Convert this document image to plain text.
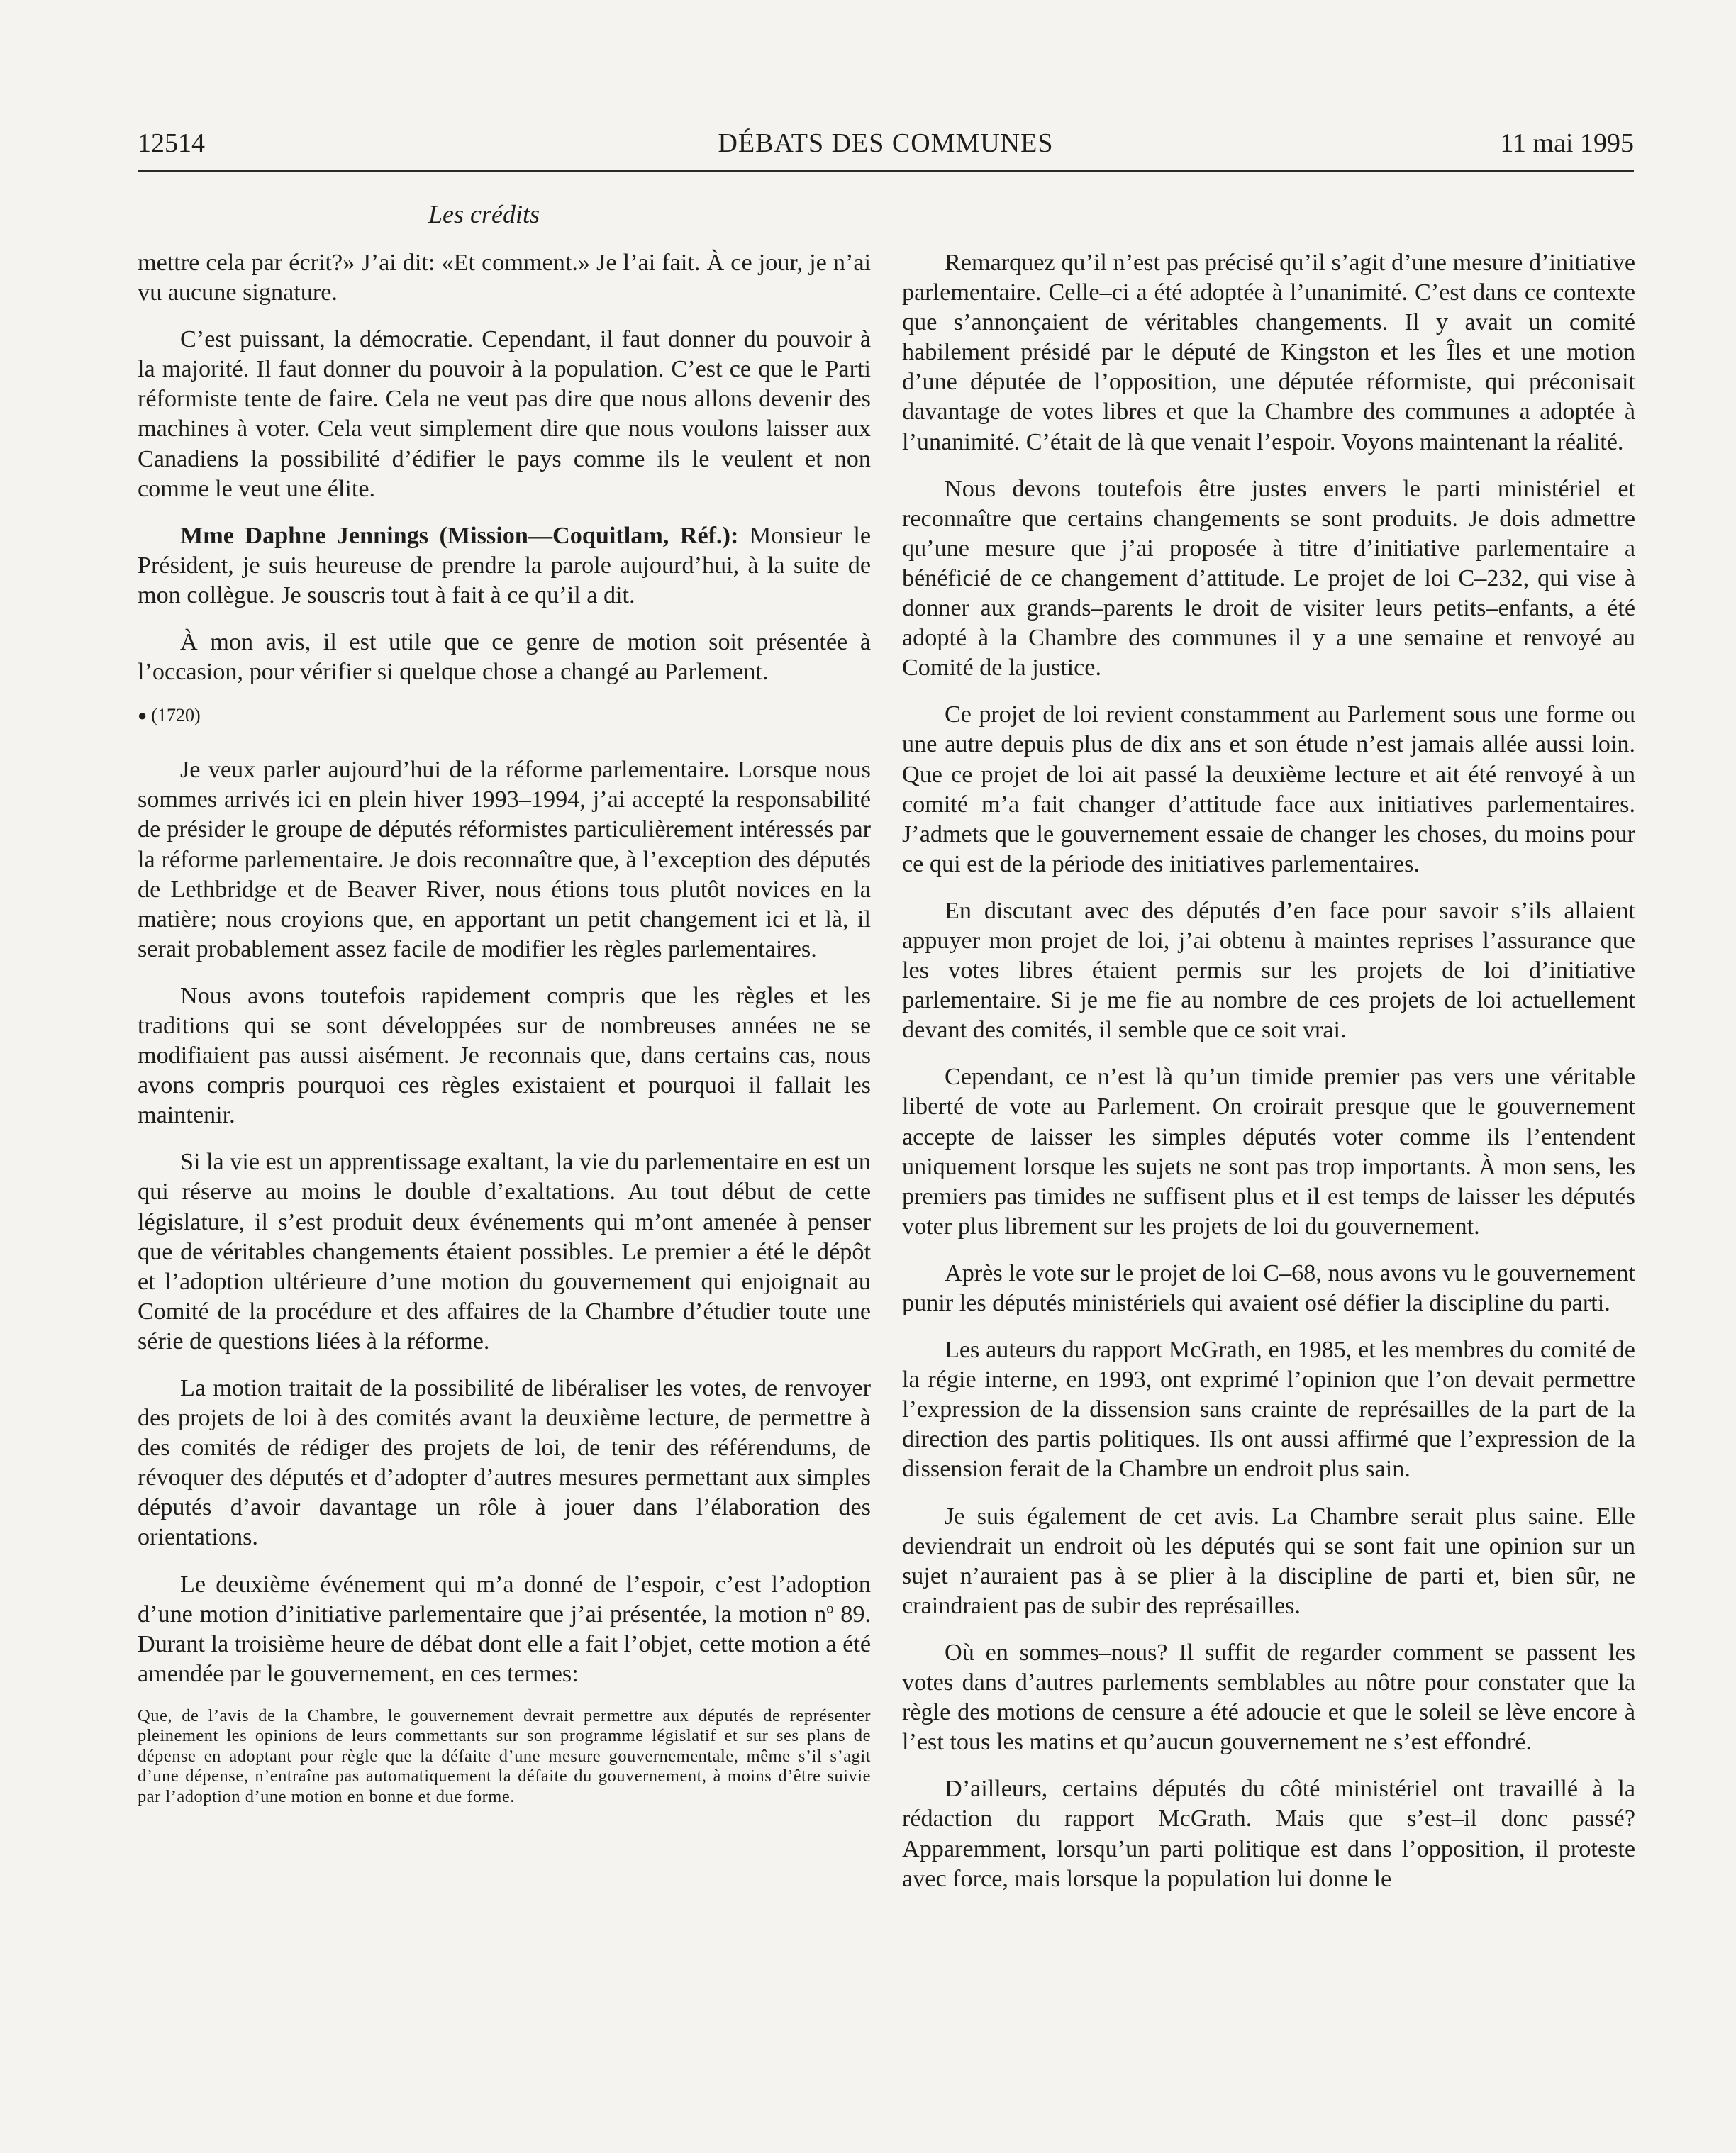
12514	DÉBATS DES COMMUNES	11 mai 1995
Les crédits

mettre cela par écrit?» J’ai dit: «Et comment.» Je l’ai fait. À ce jour, je n’ai vu aucune signature.

C’est puissant, la démocratie. Cependant, il faut donner du pouvoir à la majorité. Il faut donner du pouvoir à la population. C’est ce que le Parti réformiste tente de faire. Cela ne veut pas dire que nous allons devenir des machines à voter. Cela veut simplement dire que nous voulons laisser aux Canadiens la possibilité d’édifier le pays comme ils le veulent et non comme le veut une élite.

Mme Daphne Jennings (Mission—Coquitlam, Réf.): Monsieur le Président, je suis heureuse de prendre la parole aujourd’hui, à la suite de mon collègue. Je souscris tout à fait à ce qu’il a dit.

À mon avis, il est utile que ce genre de motion soit présentée à l’occasion, pour vérifier si quelque chose a changé au Parlement.

● (1720)

Je veux parler aujourd’hui de la réforme parlementaire. Lorsque nous sommes arrivés ici en plein hiver 1993–1994, j’ai accepté la responsabilité de présider le groupe de députés réformistes particulièrement intéressés par la réforme parlementaire. Je dois reconnaître que, à l’exception des députés de Lethbridge et de Beaver River, nous étions tous plutôt novices en la matière; nous croyions que, en apportant un petit changement ici et là, il serait probablement assez facile de modifier les règles parlementaires.

Nous avons toutefois rapidement compris que les règles et les traditions qui se sont développées sur de nombreuses années ne se modifiaient pas aussi aisément. Je reconnais que, dans certains cas, nous avons compris pourquoi ces règles existaient et pourquoi il fallait les maintenir.

Si la vie est un apprentissage exaltant, la vie du parlementaire en est un qui réserve au moins le double d’exaltations. Au tout début de cette législature, il s’est produit deux événements qui m’ont amenée à penser que de véritables changements étaient possibles. Le premier a été le dépôt et l’adoption ultérieure d’une motion du gouvernement qui enjoignait au Comité de la procédure et des affaires de la Chambre d’étudier toute une série de questions liées à la réforme.

La motion traitait de la possibilité de libéraliser les votes, de renvoyer des projets de loi à des comités avant la deuxième lecture, de permettre à des comités de rédiger des projets de loi, de tenir des référendums, de révoquer des députés et d’adopter d’autres mesures permettant aux simples députés d’avoir davantage un rôle à jouer dans l’élaboration des orientations.

Le deuxième événement qui m’a donné de l’espoir, c’est l’adoption d’une motion d’initiative parlementaire que j’ai présentée, la motion $n^o$ 89. Durant la troisième heure de débat dont elle a fait l’objet, cette motion a été amendée par le gouvernement, en ces termes:

Que, de l’avis de la Chambre, le gouvernement devrait permettre aux députés de représenter pleinement les opinions de leurs commettants sur son programme législatif et sur ses plans de dépense en adoptant pour règle que la défaite d’une mesure gouvernementale, même s’il s’agit d’une dépense, n’entraîne pas automatiquement la défaite du gouvernement, à moins d’être suivie par l’adoption d’une motion en bonne et due forme.

Remarquez qu’il n’est pas précisé qu’il s’agit d’une mesure d’initiative parlementaire. Celle–ci a été adoptée à l’unanimité. C’est dans ce contexte que s’annonçaient de véritables changements. Il y avait un comité habilement présidé par le député de Kingston et les Îles et une motion d’une députée de l’opposition, une députée réformiste, qui préconisait davantage de votes libres et que la Chambre des communes a adoptée à l’unanimité. C’était de là que venait l’espoir. Voyons maintenant la réalité.

Nous devons toutefois être justes envers le parti ministériel et reconnaître que certains changements se sont produits. Je dois admettre qu’une mesure que j’ai proposée à titre d’initiative parlementaire a bénéficié de ce changement d’attitude. Le projet de loi C–232, qui vise à donner aux grands–parents le droit de visiter leurs petits–enfants, a été adopté à la Chambre des communes il y a une semaine et renvoyé au Comité de la justice.

Ce projet de loi revient constamment au Parlement sous une forme ou une autre depuis plus de dix ans et son étude n’est jamais allée aussi loin. Que ce projet de loi ait passé la deuxième lecture et ait été renvoyé à un comité m’a fait changer d’attitude face aux initiatives parlementaires. J’admets que le gouvernement essaie de changer les choses, du moins pour ce qui est de la période des initiatives parlementaires.

En discutant avec des députés d’en face pour savoir s’ils allaient appuyer mon projet de loi, j’ai obtenu à maintes reprises l’assurance que les votes libres étaient permis sur les projets de loi d’initiative parlementaire. Si je me fie au nombre de ces projets de loi actuellement devant des comités, il semble que ce soit vrai.

Cependant, ce n’est là qu’un timide premier pas vers une véritable liberté de vote au Parlement. On croirait presque que le gouvernement accepte de laisser les simples députés voter comme ils l’entendent uniquement lorsque les sujets ne sont pas trop importants. À mon sens, les premiers pas timides ne suffisent plus et il est temps de laisser les députés voter plus librement sur les projets de loi du gouvernement.

Après le vote sur le projet de loi C–68, nous avons vu le gouvernement punir les députés ministériels qui avaient osé défier la discipline du parti.

Les auteurs du rapport McGrath, en 1985, et les membres du comité de la régie interne, en 1993, ont exprimé l’opinion que l’on devait permettre l’expression de la dissension sans crainte de représailles de la part de la direction des partis politiques. Ils ont aussi affirmé que l’expression de la dissension ferait de la Chambre un endroit plus sain.

Je suis également de cet avis. La Chambre serait plus saine. Elle deviendrait un endroit où les députés qui se sont fait une opinion sur un sujet n’auraient pas à se plier à la discipline de parti et, bien sûr, ne craindraient pas de subir des représailles.

Où en sommes–nous? Il suffit de regarder comment se passent les votes dans d’autres parlements semblables au nôtre pour constater que la règle des motions de censure a été adoucie et que le soleil se lève encore à l’est tous les matins et qu’aucun gouvernement ne s’est effondré.

D’ailleurs, certains députés du côté ministériel ont travaillé à la rédaction du rapport McGrath. Mais que s’est–il donc passé? Apparemment, lorsqu’un parti politique est dans l’opposition, il proteste avec force, mais lorsque la population lui donne le
